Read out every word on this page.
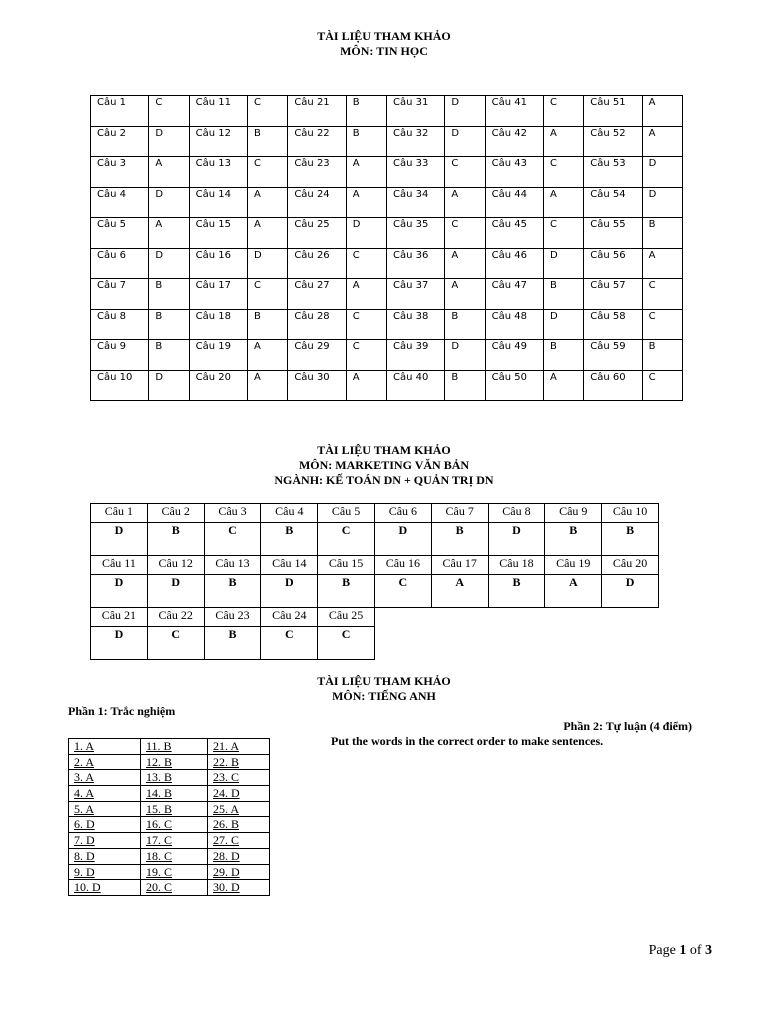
TÀI LIỆU THAM KHẢO
MÔN: TIN HỌC
Câu 1	C	Câu 11	C	Câu 21	B	Câu 31	D	Câu 41	C	Câu 51	A
Câu 2	D	Câu 12	B	Câu 22	B	Câu 32	D	Câu 42	A	Câu 52	A
Câu 3	A	Câu 13	C	Câu 23	A	Câu 33	C	Câu 43	C	Câu 53	D
Câu 4	D	Câu 14	A	Câu 24	A	Câu 34	A	Câu 44	A	Câu 54	D
Câu 5	A	Câu 15	A	Câu 25	D	Câu 35	C	Câu 45	C	Câu 55	B
Câu 6	D	Câu 16	D	Câu 26	C	Câu 36	A	Câu 46	D	Câu 56	A
Câu 7	B	Câu 17	C	Câu 27	A	Câu 37	A	Câu 47	B	Câu 57	C
Câu 8	B	Câu 18	B	Câu 28	C	Câu 38	B	Câu 48	D	Câu 58	C
Câu 9	B	Câu 19	A	Câu 29	C	Câu 39	D	Câu 49	B	Câu 59	B
Câu 10	D	Câu 20	A	Câu 30	A	Câu 40	B	Câu 50	A	Câu 60	C
TÀI LIỆU THAM KHẢO
MÔN: MARKETING VĂN BẢN
NGÀNH: KẾ TOÁN DN + QUẢN TRỊ DN
Câu 1	Câu 2	Câu 3	Câu 4	Câu 5	Câu 6	Câu 7	Câu 8	Câu 9	Câu 10
D	B	C	B	C	D	B	D	B	B
Câu 11	Câu 12	Câu 13	Câu 14	Câu 15	Câu 16	Câu 17	Câu 18	Câu 19	Câu 20
D	D	B	D	B	C	A	B	A	D
Câu 21	Câu 22	Câu 23	Câu 24	Câu 25					
D	C	B	C	C					
TÀI LIỆU THAM KHẢO
MÔN: TIẾNG ANH
Phần 1: Trắc nghiệm
Phần 2: Tự luận (4 điểm)
Put the words in the correct order to make sentences.
1. A	11. B	21. A
2. A	12. B	22. B
3. A	13. B	23. C
4. A	14. B	24. D
5. A	15. B	25. A
6. D	16. C	26. B
7. D	17. C	27. C
8. D	18. C	28. D
9. D	19. C	29. D
10. D	20. C	30. D
Page 1 of 3
